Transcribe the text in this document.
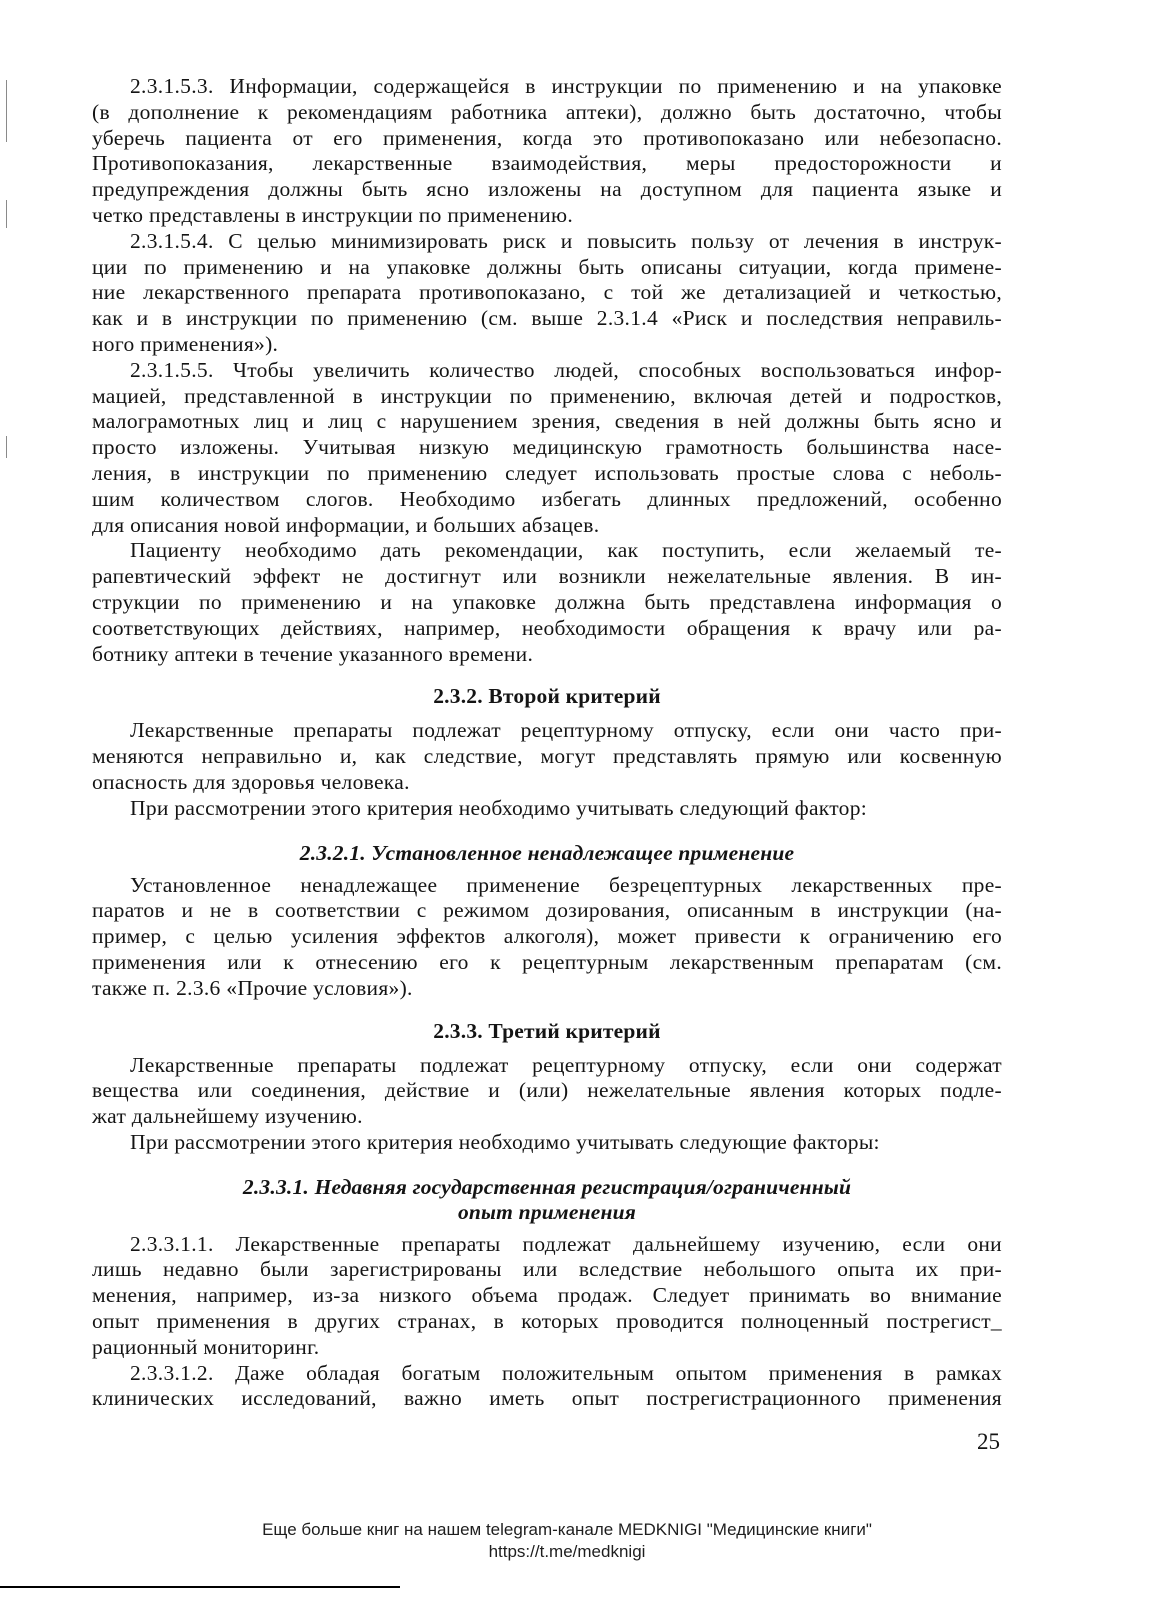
2.3.1.5.3. Информации, содержащейся в инструкции по применению и на упаковке
(в дополнение к рекомендациям работника аптеки), должно быть достаточно, чтобы
уберечь пациента от его применения, когда это противопоказано или небезопасно.
Противопоказания, лекарственные взаимодействия, меры предосторожности и
предупреждения должны быть ясно изложены на доступном для пациента языке и
четко представлены в инструкции по применению.
2.3.1.5.4. С целью минимизировать риск и повысить пользу от лечения в инструк-
ции по применению и на упаковке должны быть описаны ситуации, когда примене-
ние лекарственного препарата противопоказано, с той же детализацией и четкостью,
как и в инструкции по применению (см. выше 2.3.1.4 «Риск и последствия неправиль-
ного применения»).
2.3.1.5.5. Чтобы увеличить количество людей, способных воспользоваться инфор-
мацией, представленной в инструкции по применению, включая детей и подростков,
малограмотных лиц и лиц с нарушением зрения, сведения в ней должны быть ясно и
просто изложены. Учитывая низкую медицинскую грамотность большинства насе-
ления, в инструкции по применению следует использовать простые слова с неболь-
шим количеством слогов. Необходимо избегать длинных предложений, особенно
для описания новой информации, и больших абзацев.
Пациенту необходимо дать рекомендации, как поступить, если желаемый те-
рапевтический эффект не достигнут или возникли нежелательные явления. В ин-
струкции по применению и на упаковке должна быть представлена информация о
соответствующих действиях, например, необходимости обращения к врачу или ра-
ботнику аптеки в течение указанного времени.
2.3.2. Второй критерий
Лекарственные препараты подлежат рецептурному отпуску, если они часто при-
меняются неправильно и, как следствие, могут представлять прямую или косвенную
опасность для здоровья человека.
При рассмотрении этого критерия необходимо учитывать следующий фактор:
2.3.2.1. Установленное ненадлежащее применение
Установленное ненадлежащее применение безрецептурных лекарственных пре-
паратов и не в соответствии с режимом дозирования, описанным в инструкции (на-
пример, с целью усиления эффектов алкоголя), может привести к ограничению его
применения или к отнесению его к рецептурным лекарственным препаратам (см.
также п. 2.3.6 «Прочие условия»).
2.3.3. Третий критерий
Лекарственные препараты подлежат рецептурному отпуску, если они содержат
вещества или соединения, действие и (или) нежелательные явления которых подле-
жат дальнейшему изучению.
При рассмотрении этого критерия необходимо учитывать следующие факторы:
2.3.3.1. Недавняя государственная регистрация/ограниченный
опыт применения
2.3.3.1.1. Лекарственные препараты подлежат дальнейшему изучению, если они
лишь недавно были зарегистрированы или вследствие небольшого опыта их при-
менения, например, из-за низкого объема продаж. Следует принимать во внимание
опыт применения в других странах, в которых проводится полноценный пострегист_
рационный мониторинг.
2.3.3.1.2. Даже обладая богатым положительным опытом применения в рамках
клинических исследований, важно иметь опыт пострегистрационного применения
25
Еще больше книг на нашем telegram-канале MEDKNIGI "Медицинские книги"
https://t.me/medknigi
